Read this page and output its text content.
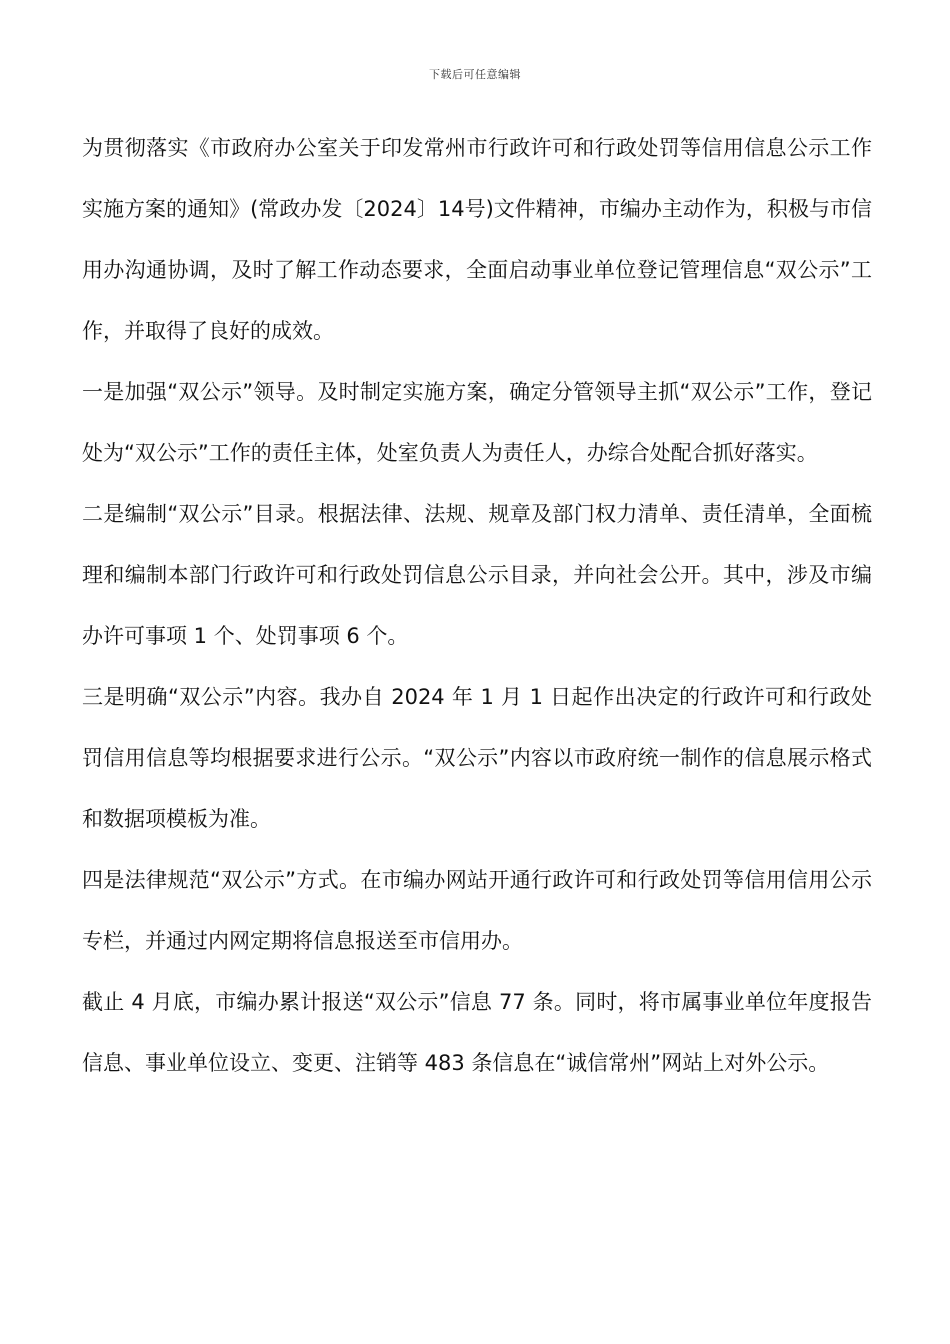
下载后可任意编辑

为贯彻落实《市政府办公室关于印发常州市行政许可和行政处罚等信用信息公示工作实施方案的通知》(常政办发〔2024〕14号)文件精神，市编办主动作为，积极与市信用办沟通协调，及时了解工作动态要求，全面启动事业单位登记管理信息“双公示”工作，并取得了良好的成效。

一是加强“双公示”领导。及时制定实施方案，确定分管领导主抓“双公示”工作，登记处为“双公示”工作的责任主体，处室负责人为责任人，办综合处配合抓好落实。

二是编制“双公示”目录。根据法律、法规、规章及部门权力清单、责任清单，全面梳理和编制本部门行政许可和行政处罚信息公示目录，并向社会公开。其中，涉及市编办许可事项 1 个、处罚事项 6 个。

三是明确“双公示”内容。我办自 2024 年 1 月 1 日起作出决定的行政许可和行政处罚信用信息等均根据要求进行公示。“双公示”内容以市政府统一制作的信息展示格式和数据项模板为准。

四是法律规范“双公示”方式。在市编办网站开通行政许可和行政处罚等信用信用公示专栏，并通过内网定期将信息报送至市信用办。

截止 4 月底，市编办累计报送“双公示”信息 77 条。同时，将市属事业单位年度报告信息、事业单位设立、变更、注销等 483 条信息在“诚信常州”网站上对外公示。
